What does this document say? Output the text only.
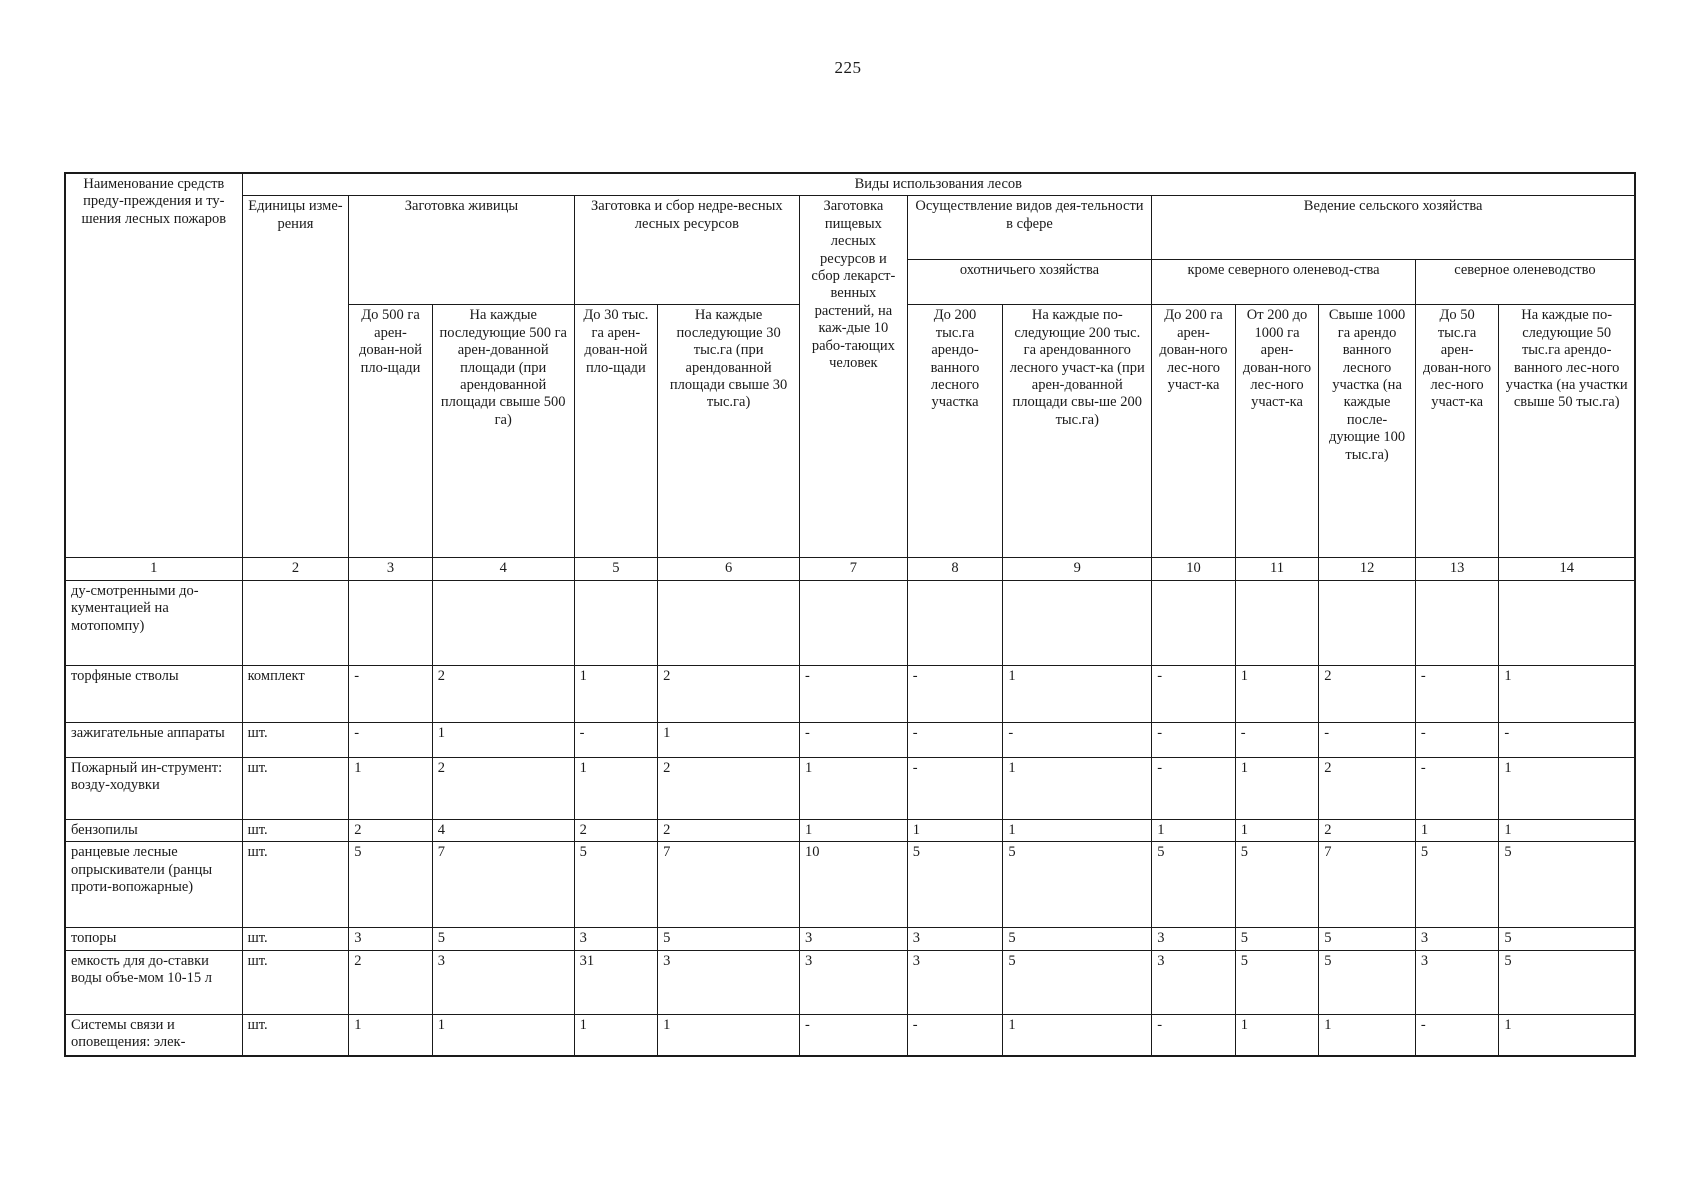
225
Наименование средств преду-преждения и ту-шения лесных пожаров	Виды использования лесов												
	Единицы изме-рения	Заготовка живицы		Заготовка и сбор недре-весных лесных ресурсов		Заготовка пищевых лесных ресурсов и сбор лекарст-венных растений, на каж-дые 10 рабо-тающих человек	Осуществление видов дея-тельности в сфере		Ведение сельского хозяйства				
							охотничьего хозяйства		кроме северного оленевод-ства			северное оленеводство	
		До 500 га арен-дован-ной пло-щади	На каждые последующие 500 га арен-дованной площади (при арендованной площади свыше 500 га)	До 30 тыс. га арен-дован-ной пло-щади	На каждые последующие 30 тыс.га (при арендованной площади свыше 30 тыс.га)		До 200 тыс.га арендо-ванного лесного участка	На каждые по-следующие 200 тыс. га арендованного лесного участ-ка (при арен-дованной площади свы-ше 200 тыс.га)	До 200 га арен-дован-ного лес-ного участ-ка	От 200 до 1000 га арен-дован-ного лес-ного участ-ка	Свыше 1000 га арендо ванного лесного участка (на каждые после-дующие 100 тыс.га)	До 50 тыс.га арен-дован-ного лес-ного участ-ка	На каждые по-следующие 50 тыс.га арендо-ванного лес-ного участка (на участки свыше 50 тыс.га)
1	2	3	4	5	6	7	8	9	10	11	12	13	14
ду-смотренными до-кументацией на мотопомпу)													
торфяные стволы	комплект	-	2	1	2	-	-	1	-	1	2	-	1
зажигательные аппараты	шт.	-	1	-	1	-	-	-	-	-	-	-	-
Пожарный ин-струмент: возду-ходувки	шт.	1	2	1	2	1	-	1	-	1	2	-	1
бензопилы	шт.	2	4	2	2	1	1	1	1	1	2	1	1
ранцевые лесные опрыскиватели (ранцы проти-вопожарные)	шт.	5	7	5	7	10	5	5	5	5	7	5	5
топоры	шт.	3	5	3	5	3	3	5	3	5	5	3	5
емкость для до-ставки воды объе-мом 10-15 л	шт.	2	3	31	3	3	3	5	3	5	5	3	5
Системы связи и оповещения: элек-	шт.	1	1	1	1	-	-	1	-	1	1	-	1
